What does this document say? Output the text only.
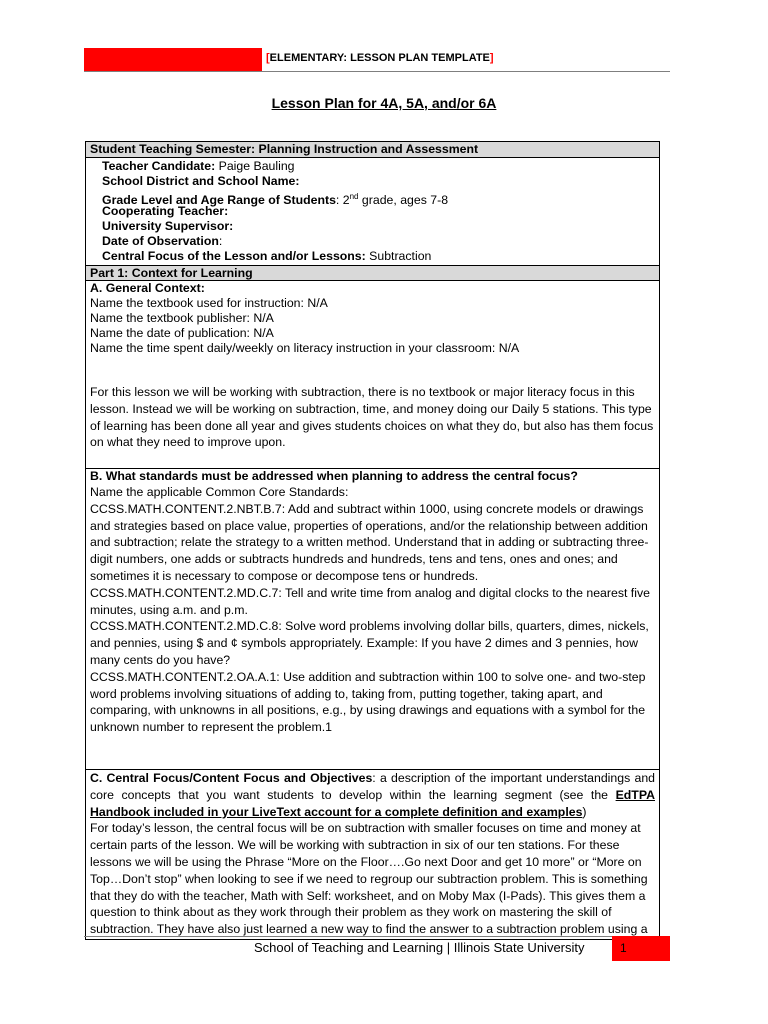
[ELEMENTARY: LESSON PLAN TEMPLATE]
Lesson Plan for 4A, 5A, and/or 6A
Student Teaching Semester: Planning Instruction and Assessment
Teacher Candidate: Paige Bauling
School District and School Name:
Grade Level and Age Range of Students: 2nd grade, ages 7-8
Cooperating Teacher:
University Supervisor:
Date of Observation:
Central Focus of the Lesson and/or Lessons: Subtraction
Part 1: Context for Learning
A. General Context:
Name the textbook used for instruction: N/A
Name the textbook publisher: N/A
Name the date of publication: N/A
Name the time spent daily/weekly on literacy instruction in your classroom: N/A
For this lesson we will be working with subtraction, there is no textbook or major literacy focus in this lesson. Instead we will be working on subtraction, time, and money doing our Daily 5 stations. This type of learning has been done all year and gives students choices on what they do, but also has them focus on what they need to improve upon.
B. What standards must be addressed when planning to address the central focus?
Name the applicable Common Core Standards:
CCSS.MATH.CONTENT.2.NBT.B.7: Add and subtract within 1000, using concrete models or drawings and strategies based on place value, properties of operations, and/or the relationship between addition and subtraction; relate the strategy to a written method. Understand that in adding or subtracting three-digit numbers, one adds or subtracts hundreds and hundreds, tens and tens, ones and ones; and sometimes it is necessary to compose or decompose tens or hundreds.
CCSS.MATH.CONTENT.2.MD.C.7: Tell and write time from analog and digital clocks to the nearest five minutes, using a.m. and p.m.
CCSS.MATH.CONTENT.2.MD.C.8: Solve word problems involving dollar bills, quarters, dimes, nickels, and pennies, using $ and ¢ symbols appropriately. Example: If you have 2 dimes and 3 pennies, how many cents do you have?
CCSS.MATH.CONTENT.2.OA.A.1: Use addition and subtraction within 100 to solve one- and two-step word problems involving situations of adding to, taking from, putting together, taking apart, and comparing, with unknowns in all positions, e.g., by using drawings and equations with a symbol for the unknown number to represent the problem.1
C. Central Focus/Content Focus and Objectives: a description of the important understandings and core concepts that you want students to develop within the learning segment (see the EdTPA Handbook included in your LiveText account for a complete definition and examples)
For today’s lesson, the central focus will be on subtraction with smaller focuses on time and money at certain parts of the lesson. We will be working with subtraction in six of our ten stations. For these lessons we will be using the Phrase “More on the Floor….Go next Door and get 10 more” or “More on Top…Don’t stop” when looking to see if we need to regroup our subtraction problem. This is something that they do with the teacher, Math with Self: worksheet, and on Moby Max (I-Pads). This gives them a question to think about as they work through their problem as they work on mastering the skill of subtraction. They have also just learned a new way to find the answer to a subtraction problem using a
School of Teaching and Learning | Illinois State University	1
